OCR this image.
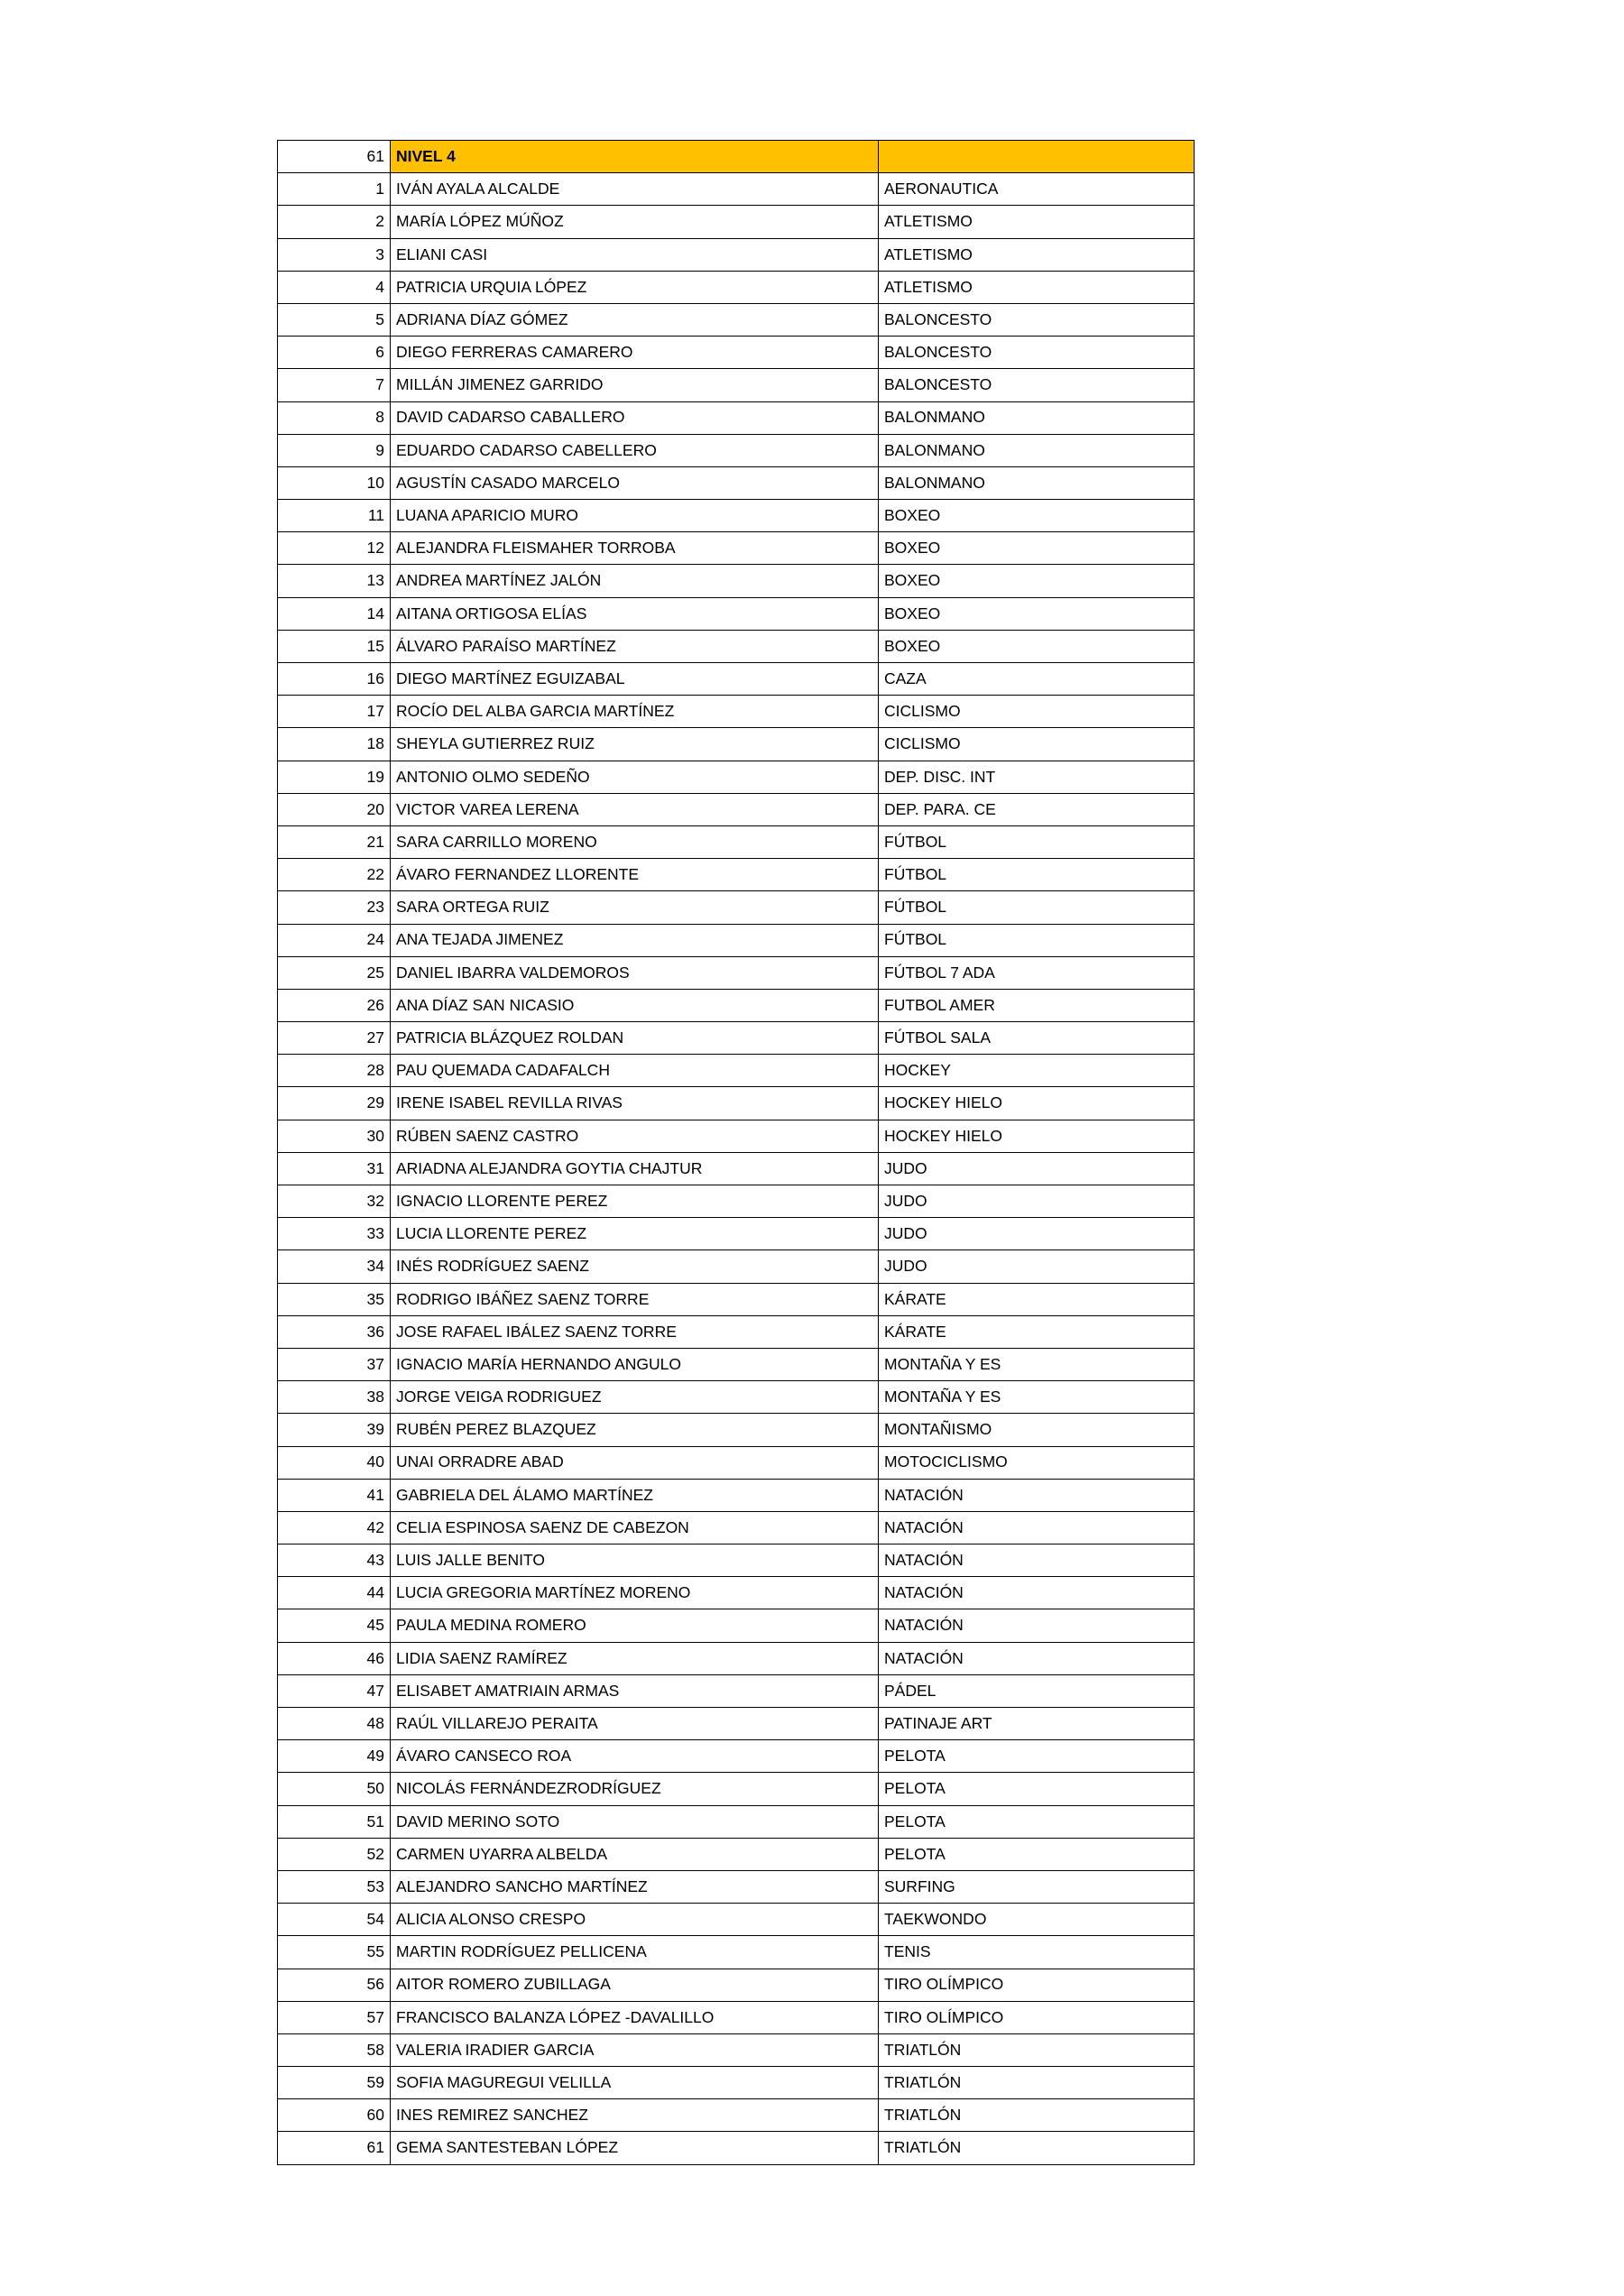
61	NIVEL 4	
1	IVÁN AYALA ALCALDE	AERONAUTICA
2	MARÍA LÓPEZ MÚÑOZ	ATLETISMO
3	ELIANI CASI	ATLETISMO
4	PATRICIA URQUIA LÓPEZ	ATLETISMO
5	ADRIANA DÍAZ GÓMEZ	BALONCESTO
6	DIEGO FERRERAS CAMARERO	BALONCESTO
7	MILLÁN JIMENEZ GARRIDO	BALONCESTO
8	DAVID CADARSO CABALLERO	BALONMANO
9	EDUARDO CADARSO CABELLERO	BALONMANO
10	AGUSTÍN CASADO MARCELO	BALONMANO
11	LUANA APARICIO MURO	BOXEO
12	ALEJANDRA FLEISMAHER TORROBA	BOXEO
13	ANDREA MARTÍNEZ JALÓN	BOXEO
14	AITANA ORTIGOSA ELÍAS	BOXEO
15	ÁLVARO PARAÍSO MARTÍNEZ	BOXEO
16	DIEGO MARTÍNEZ EGUIZABAL	CAZA
17	ROCÍO DEL ALBA GARCIA MARTÍNEZ	CICLISMO
18	SHEYLA GUTIERREZ RUIZ	CICLISMO
19	ANTONIO OLMO SEDEÑO	DEP. DISC. INT
20	VICTOR VAREA LERENA	DEP. PARA. CE
21	SARA CARRILLO MORENO	FÚTBOL
22	ÁVARO FERNANDEZ LLORENTE	FÚTBOL
23	SARA ORTEGA RUIZ	FÚTBOL
24	ANA TEJADA JIMENEZ	FÚTBOL
25	DANIEL IBARRA VALDEMOROS	FÚTBOL 7 ADA
26	ANA DÍAZ SAN NICASIO	FUTBOL AMER
27	PATRICIA BLÁZQUEZ ROLDAN	FÚTBOL SALA
28	PAU QUEMADA CADAFALCH	HOCKEY
29	IRENE ISABEL REVILLA RIVAS	HOCKEY HIELO
30	RÚBEN SAENZ CASTRO	HOCKEY HIELO
31	ARIADNA ALEJANDRA GOYTIA CHAJTUR	JUDO
32	IGNACIO LLORENTE PEREZ	JUDO
33	LUCIA LLORENTE PEREZ	JUDO
34	INÉS RODRÍGUEZ SAENZ	JUDO
35	RODRIGO IBÁÑEZ SAENZ TORRE	KÁRATE
36	JOSE RAFAEL IBÁLEZ SAENZ TORRE	KÁRATE
37	IGNACIO MARÍA HERNANDO ANGULO	MONTAÑA Y ES
38	JORGE VEIGA RODRIGUEZ	MONTAÑA Y ES
39	RUBÉN PEREZ BLAZQUEZ	MONTAÑISMO
40	UNAI ORRADRE ABAD	MOTOCICLISMO
41	GABRIELA DEL ÁLAMO MARTÍNEZ	NATACIÓN
42	CELIA ESPINOSA SAENZ DE CABEZON	NATACIÓN
43	LUIS JALLE BENITO	NATACIÓN
44	LUCIA GREGORIA MARTÍNEZ MORENO	NATACIÓN
45	PAULA MEDINA ROMERO	NATACIÓN
46	LIDIA SAENZ RAMÍREZ	NATACIÓN
47	ELISABET AMATRIAIN ARMAS	PÁDEL
48	RAÚL VILLAREJO PERAITA	PATINAJE ART
49	ÁVARO CANSECO ROA	PELOTA
50	NICOLÁS FERNÁNDEZRODRÍGUEZ	PELOTA
51	DAVID MERINO SOTO	PELOTA
52	CARMEN UYARRA ALBELDA	PELOTA
53	ALEJANDRO SANCHO MARTÍNEZ	SURFING
54	ALICIA ALONSO CRESPO	TAEKWONDO
55	MARTIN RODRÍGUEZ PELLICENA	TENIS
56	AITOR ROMERO ZUBILLAGA	TIRO OLÍMPICO
57	FRANCISCO BALANZA LÓPEZ -DAVALILLO	TIRO OLÍMPICO
58	VALERIA IRADIER GARCIA	TRIATLÓN
59	SOFIA MAGUREGUI VELILLA	TRIATLÓN
60	INES REMIREZ SANCHEZ	TRIATLÓN
61	GEMA SANTESTEBAN LÓPEZ	TRIATLÓN
